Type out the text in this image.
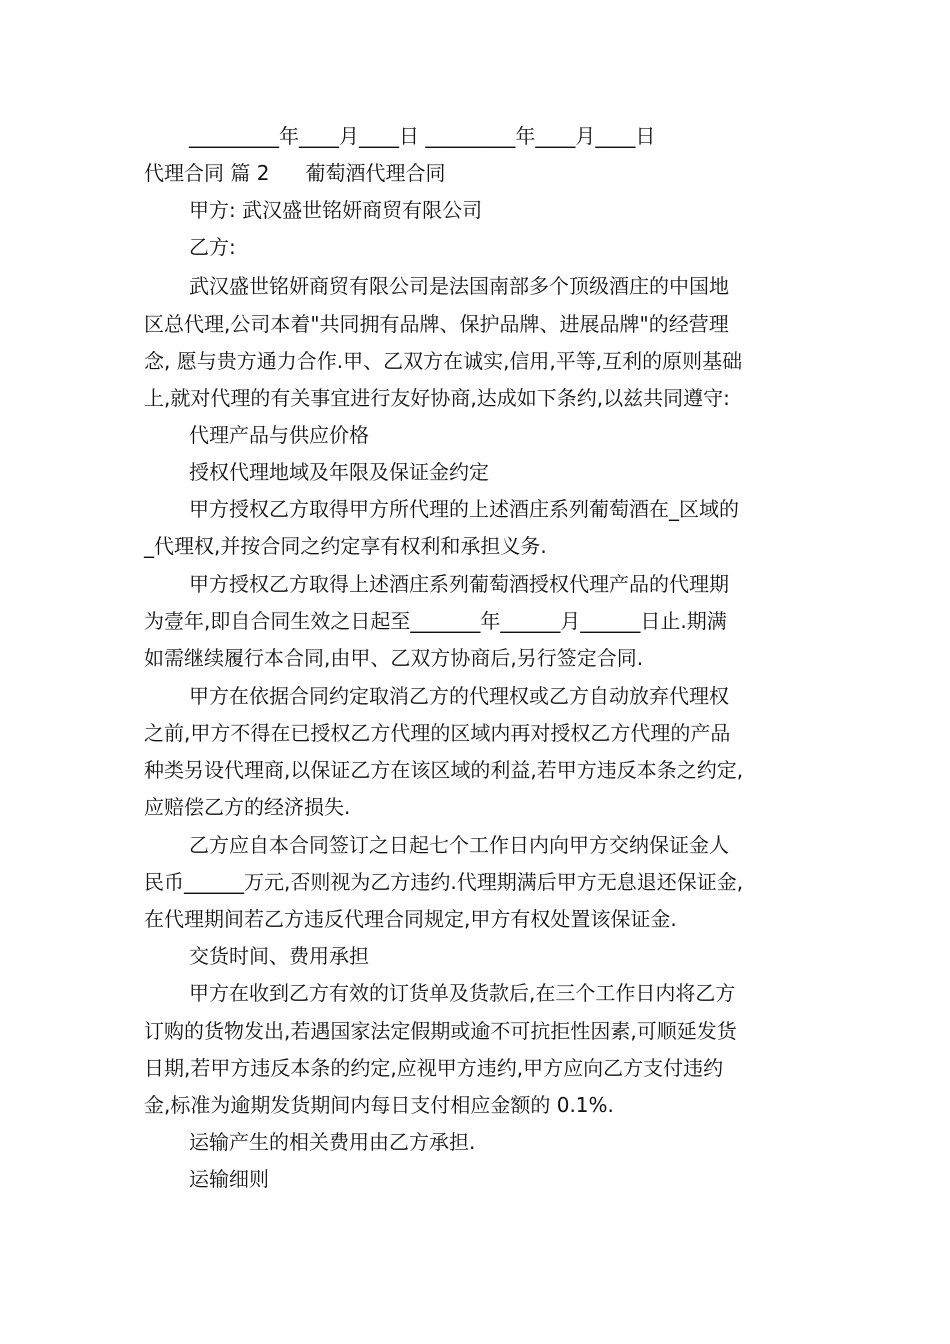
_________年____月____日 _________年____月____日
代理合同 篇 2 葡萄酒代理合同
甲方: 武汉盛世铭妍商贸有限公司
乙方:
武汉盛世铭妍商贸有限公司是法国南部多个顶级酒庄的中国地
区总代理,公司本着"共同拥有品牌、保护品牌、进展品牌"的经营理
念, 愿与贵方通力合作.甲、乙双方在诚实,信用,平等,互利的原则基础
上,就对代理的有关事宜进行友好协商,达成如下条约,以兹共同遵守:
代理产品与供应价格
授权代理地域及年限及保证金约定
甲方授权乙方取得甲方所代理的上述酒庄系列葡萄酒在_区域的
_代理权,并按合同之约定享有权利和承担义务.
甲方授权乙方取得上述酒庄系列葡萄酒授权代理产品的代理期
为壹年,即自合同生效之日起至_______年______月______日止.期满
如需继续履行本合同,由甲、乙双方协商后,另行签定合同.
甲方在依据合同约定取消乙方的代理权或乙方自动放弃代理权
之前,甲方不得在已授权乙方代理的区域内再对授权乙方代理的产品
种类另设代理商,以保证乙方在该区域的利益,若甲方违反本条之约定,
应赔偿乙方的经济损失.
乙方应自本合同签订之日起七个工作日内向甲方交纳保证金人
民币______万元,否则视为乙方违约.代理期满后甲方无息退还保证金,
在代理期间若乙方违反代理合同规定,甲方有权处置该保证金.
交货时间、费用承担
甲方在收到乙方有效的订货单及货款后,在三个工作日内将乙方
订购的货物发出,若遇国家法定假期或逾不可抗拒性因素,可顺延发货
日期,若甲方违反本条的约定,应视甲方违约,甲方应向乙方支付违约
金,标准为逾期发货期间内每日支付相应金额的 0.1%.
运输产生的相关费用由乙方承担.
运输细则
